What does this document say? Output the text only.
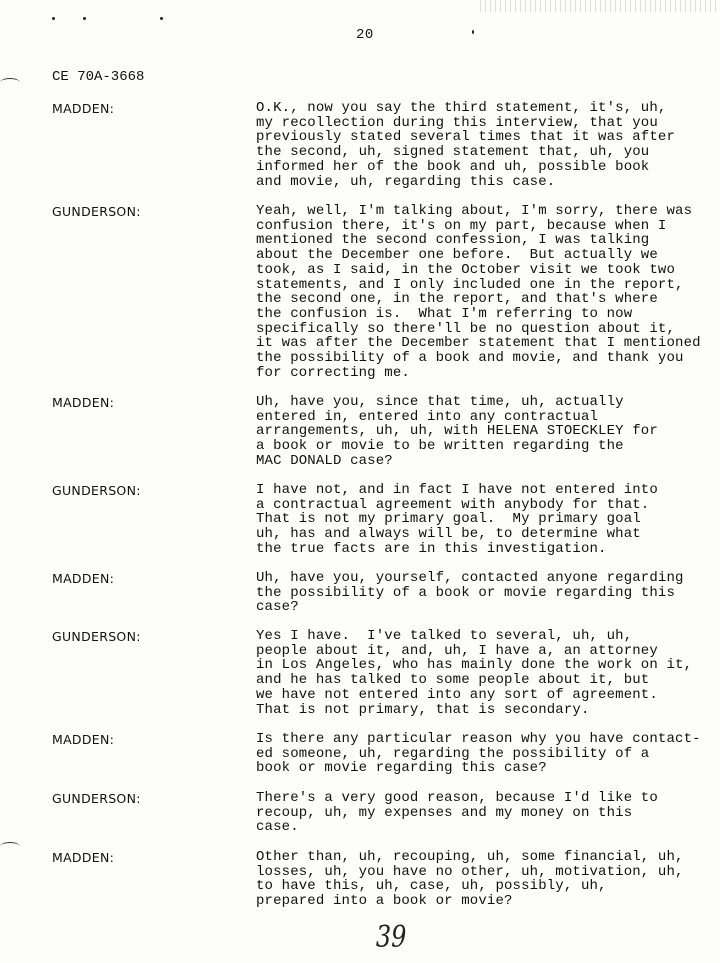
20
CE 70A-3668
MADDEN:	O.K., now you say the third statement, it's, uh,
my recollection during this interview, that you
previously stated several times that it was after
the second, uh, signed statement that, uh, you
informed her of the book and uh, possible book
and movie, uh, regarding this case.
GUNDERSON:	Yeah, well, I'm talking about, I'm sorry, there was
confusion there, it's on my part, because when I
mentioned the second confession, I was talking
about the December one before.  But actually we
took, as I said, in the October visit we took two
statements, and I only included one in the report,
the second one, in the report, and that's where
the confusion is.  What I'm referring to now
specifically so there'll be no question about it,
it was after the December statement that I mentioned
the possibility of a book and movie, and thank you
for correcting me.
MADDEN:	Uh, have you, since that time, uh, actually
entered in, entered into any contractual
arrangements, uh, uh, with HELENA STOECKLEY for
a book or movie to be written regarding the
MAC DONALD case?
GUNDERSON:	I have not, and in fact I have not entered into
a contractual agreement with anybody for that.
That is not my primary goal.  My primary goal
uh, has and always will be, to determine what
the true facts are in this investigation.
MADDEN:	Uh, have you, yourself, contacted anyone regarding
the possibility of a book or movie regarding this
case?
GUNDERSON:	Yes I have.  I've talked to several, uh, uh,
people about it, and, uh, I have a, an attorney
in Los Angeles, who has mainly done the work on it,
and he has talked to some people about it, but
we have not entered into any sort of agreement.
That is not primary, that is secondary.
MADDEN:	Is there any particular reason why you have contact-
ed someone, uh, regarding the possibility of a
book or movie regarding this case?
GUNDERSON:	There's a very good reason, because I'd like to
recoup, uh, my expenses and my money on this
case.
MADDEN:	Other than, uh, recouping, uh, some financial, uh,
losses, uh, you have no other, uh, motivation, uh,
to have this, uh, case, uh, possibly, uh,
prepared into a book or movie?
39
